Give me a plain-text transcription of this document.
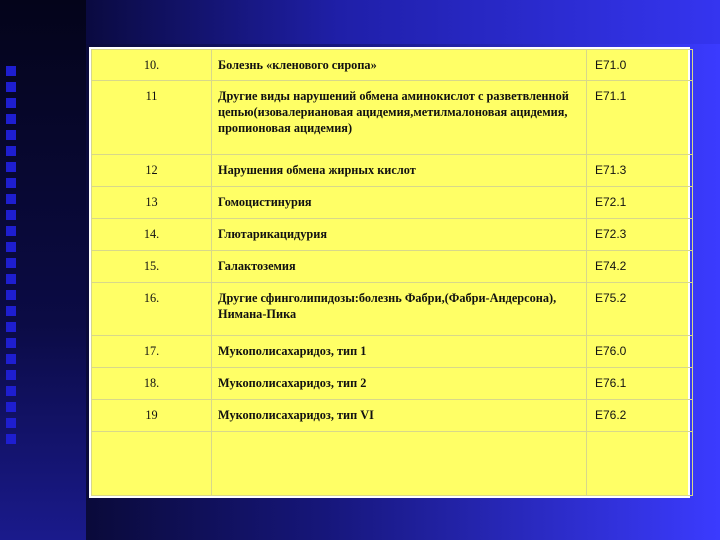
10.	Болезнь «кленового сиропа»	E71.0
11	Другие виды нарушений обмена аминокислот с разветвленной цепью(изовалериановая ацидемия,метилмалоновая ацидемия, пропионовая ацидемия)	E71.1
12	Нарушения обмена жирных кислот	E71.3
13	Гомоцистинурия	E72.1
14.	Глютарикацидурия	E72.3
15.	Галактоземия	E74.2
16.	Другие сфинголипидозы:болезнь Фабри,(Фабри-Андерсона), Нимана-Пика	E75.2
17.	Мукополисахаридоз, тип 1	E76.0
18.	Мукополисахаридоз, тип 2	E76.1
19	Мукополисахаридоз, тип VI	E76.2
